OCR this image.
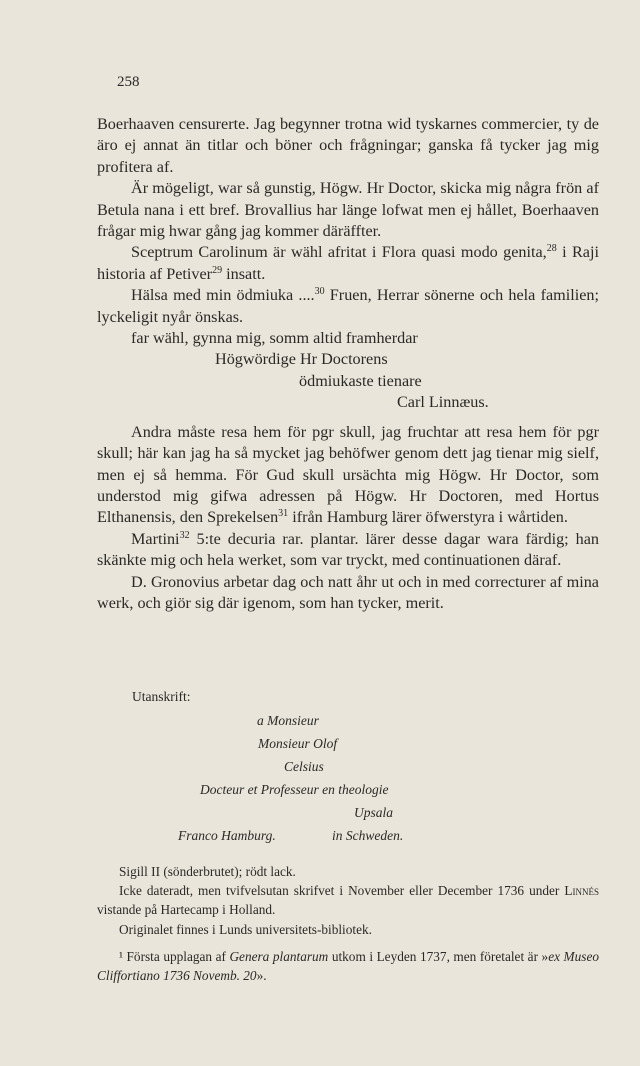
258

Boerhaaven censurerte. Jag begynner trotna wid tyskarnes commercier, ty de äro ej annat än titlar och böner och frågningar; ganska få tycker jag mig profitera af.

Är mögeligt, war så gunstig, Högw. Hr Doctor, skicka mig några frön af Betula nana i ett bref. Brovallius har länge lofwat men ej hållet, Boerhaaven frågar mig hwar gång jag kommer däräffter.

Sceptrum Carolinum är wähl afritat i Flora quasi modo genita,$^{28}$ i Raji historia af Petiver$^{29}$ insatt.

Hälsa med min ödmiuka ....$^{30}$ Fruen, Herrar sönerne och hela familien; lyckeligit nyår önskas.

far wähl, gynna mig, somm altid framherdar

Högwördige Hr Doctorens

ödmiukaste tienare

Carl Linnæus.

Andra måste resa hem för pgr skull, jag fruchtar att resa hem för pgr skull; här kan jag ha så mycket jag behöfwer genom dett jag tienar mig sielf, men ej så hemma. För Gud skull ursächta mig Högw. Hr Doctor, som understod mig gifwa adressen på Högw. Hr Doctoren, med Hortus Elthanensis, den Sprekelsen$^{31}$ ifrån Hamburg lärer öfwerstyra i wårtiden.

Martini$^{32}$ 5:te decuria rar. plantar. lärer desse dagar wara färdig; han skänkte mig och hela werket, som var tryckt, med continuationen däraf.

D. Gronovius arbetar dag och natt åhr ut och in med correcturer af mina werk, och giör sig där igenom, som han tycker, merit.

Utanskrift:
a Monsieur
Monsieur Olof
Celsius
Docteur et Professeur en theologie
Upsala
Franco Hamburg.	in Schweden.

Sigill II (sönderbrutet); rödt lack.

Icke dateradt, men tvifvelsutan skrifvet i November eller December 1736 under Linnés vistande på Hartecamp i Holland.

Originalet finnes i Lunds universitets-bibliotek.

¹ Första upplagan af Genera plantarum utkom i Leyden 1737, men företalet är »ex Museo Cliffortiano 1736 Novemb. 20».
